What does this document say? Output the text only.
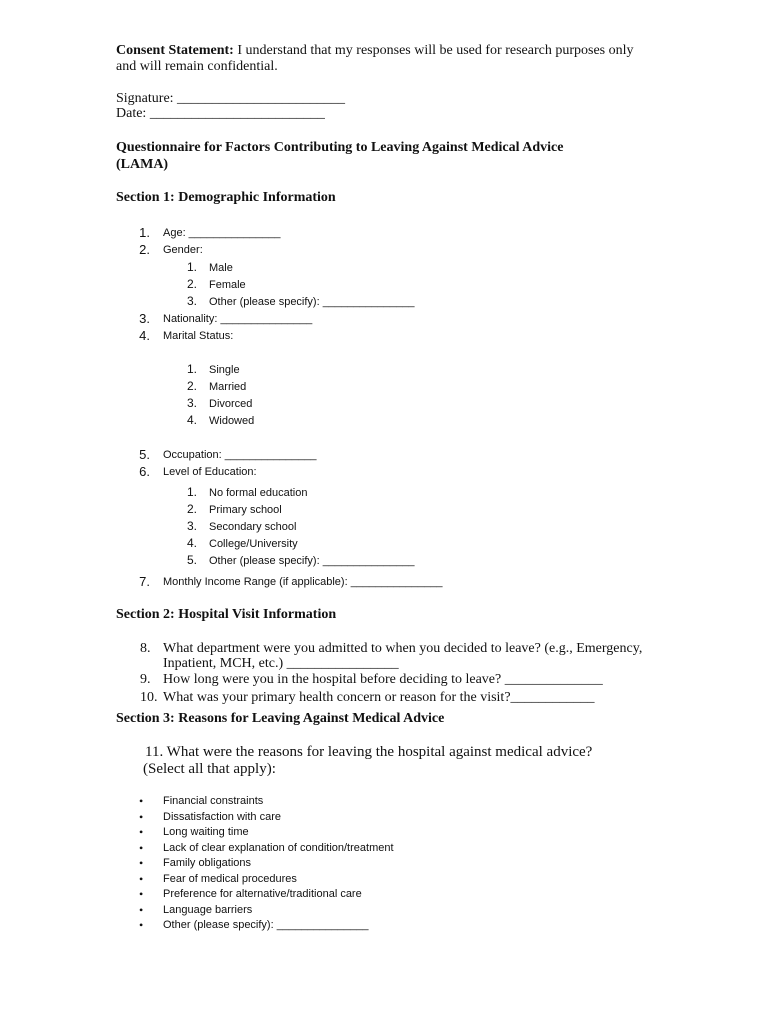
Consent Statement: I understand that my responses will be used for research purposes only
and will remain confidential.
Signature: ________________________
Date: _________________________
Questionnaire for Factors Contributing to Leaving Against Medical Advice
(LAMA)
Section 1: Demographic Information
1. Age: _______________
2. Gender:
1. Male
2. Female
3. Other (please specify): _______________
3. Nationality: _______________
4. Marital Status:
1. Single
2. Married
3. Divorced
4. Widowed
5. Occupation: _______________
6. Level of Education:
1. No formal education
2. Primary school
3. Secondary school
4. College/University
5. Other (please specify): _______________
7. Monthly Income Range (if applicable): _______________
Section 2: Hospital Visit Information
8. What department were you admitted to when you decided to leave? (e.g., Emergency,
Inpatient, MCH, etc.) ________________
9. How long were you in the hospital before deciding to leave? ______________
10. What was your primary health concern or reason for the visit?____________
Section 3: Reasons for Leaving Against Medical Advice
11. What were the reasons for leaving the hospital against medical advice?
(Select all that apply):
• Financial constraints
• Dissatisfaction with care
• Long waiting time
• Lack of clear explanation of condition/treatment
• Family obligations
• Fear of medical procedures
• Preference for alternative/traditional care
• Language barriers
• Other (please specify): _______________
